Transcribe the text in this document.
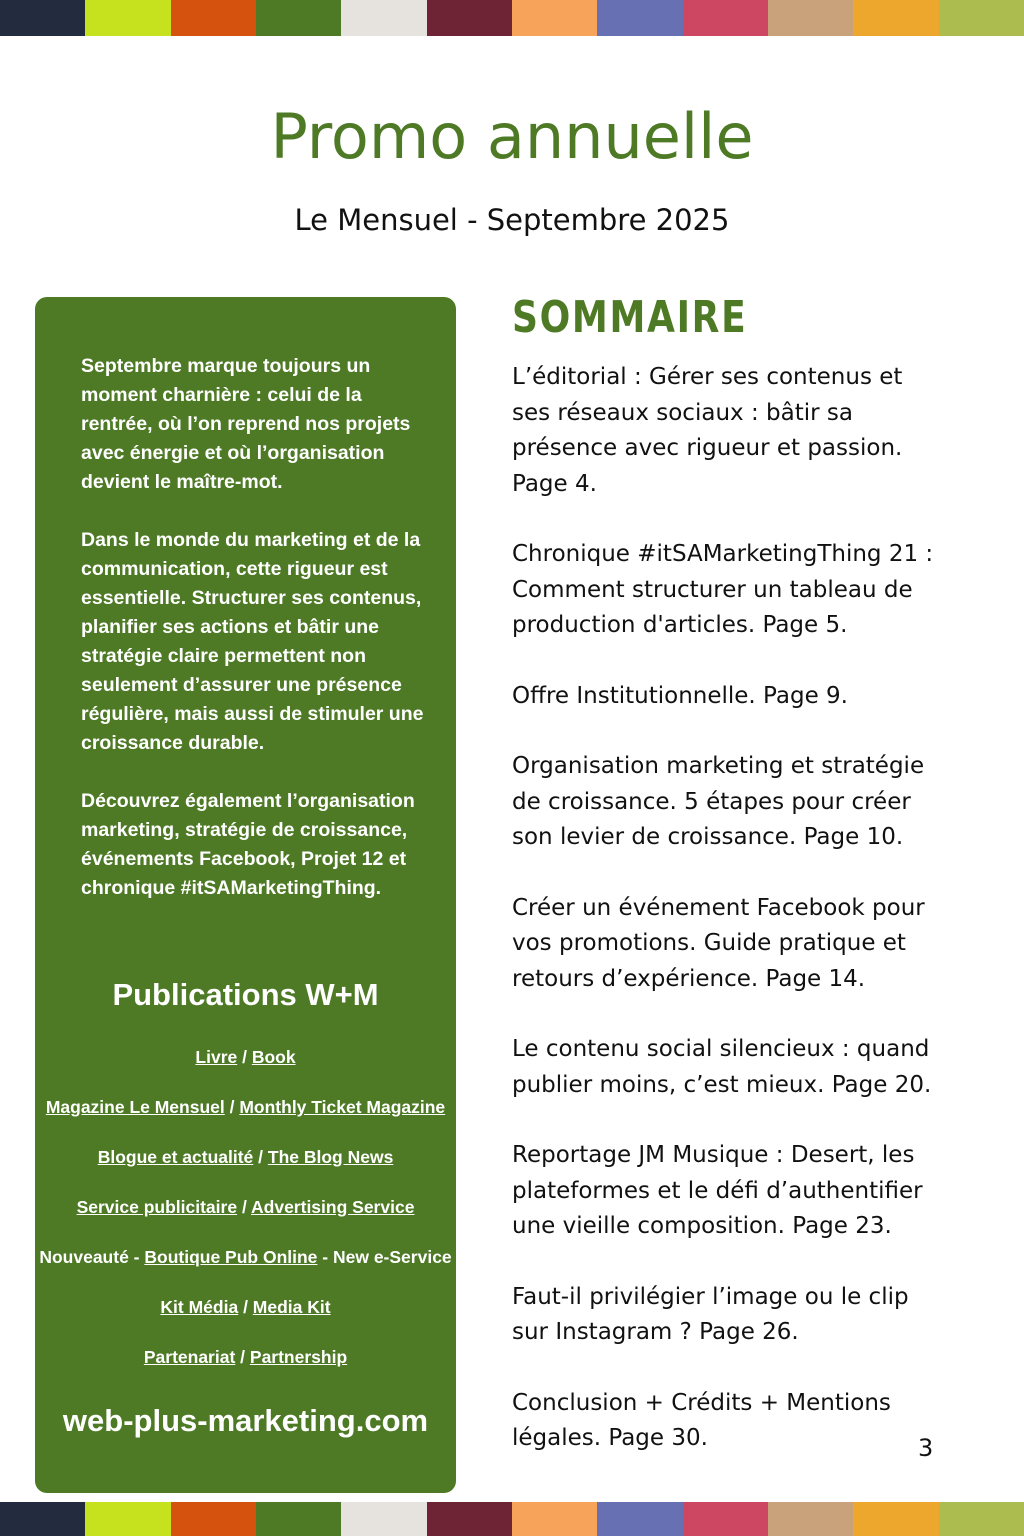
Promo annuelle
Le Mensuel - Septembre 2025

Septembre marque toujours un moment charnière : celui de la rentrée, où l’on reprend nos projets avec énergie et où l’organisation devient le maître-mot.

Dans le monde du marketing et de la communication, cette rigueur est essentielle. Structurer ses contenus, planifier ses actions et bâtir une stratégie claire permettent non seulement d’assurer une présence régulière, mais aussi de stimuler une croissance durable.

Découvrez également l’organisation marketing, stratégie de croissance, événements Facebook, Projet 12 et chronique #itSAMarketingThing.

Publications W+M
Livre / Book
Magazine Le Mensuel / Monthly Ticket Magazine
Blogue et actualité / The Blog News
Service publicitaire / Advertising Service
Nouveauté - Boutique Pub Online - New e-Service
Kit Média / Media Kit
Partenariat / Partnership
web-plus-marketing.com
SOMMAIRE

L’éditorial : Gérer ses contenus et ses réseaux sociaux : bâtir sa présence avec rigueur et passion. Page 4.

Chronique #itSAMarketingThing 21 : Comment structurer un tableau de production d'articles. Page 5.

Offre Institutionnelle. Page 9.

Organisation marketing et stratégie de croissance. 5 étapes pour créer son levier de croissance. Page 10.

Créer un événement Facebook pour vos promotions. Guide pratique et retours d’expérience. Page 14.

Le contenu social silencieux : quand publier moins, c’est mieux. Page 20.

Reportage JM Musique : Desert, les plateformes et le défi d’authentifier une vieille composition. Page 23.

Faut-il privilégier l’image ou le clip sur Instagram ? Page 26.

Conclusion + Crédits + Mentions légales. Page 30.	3
